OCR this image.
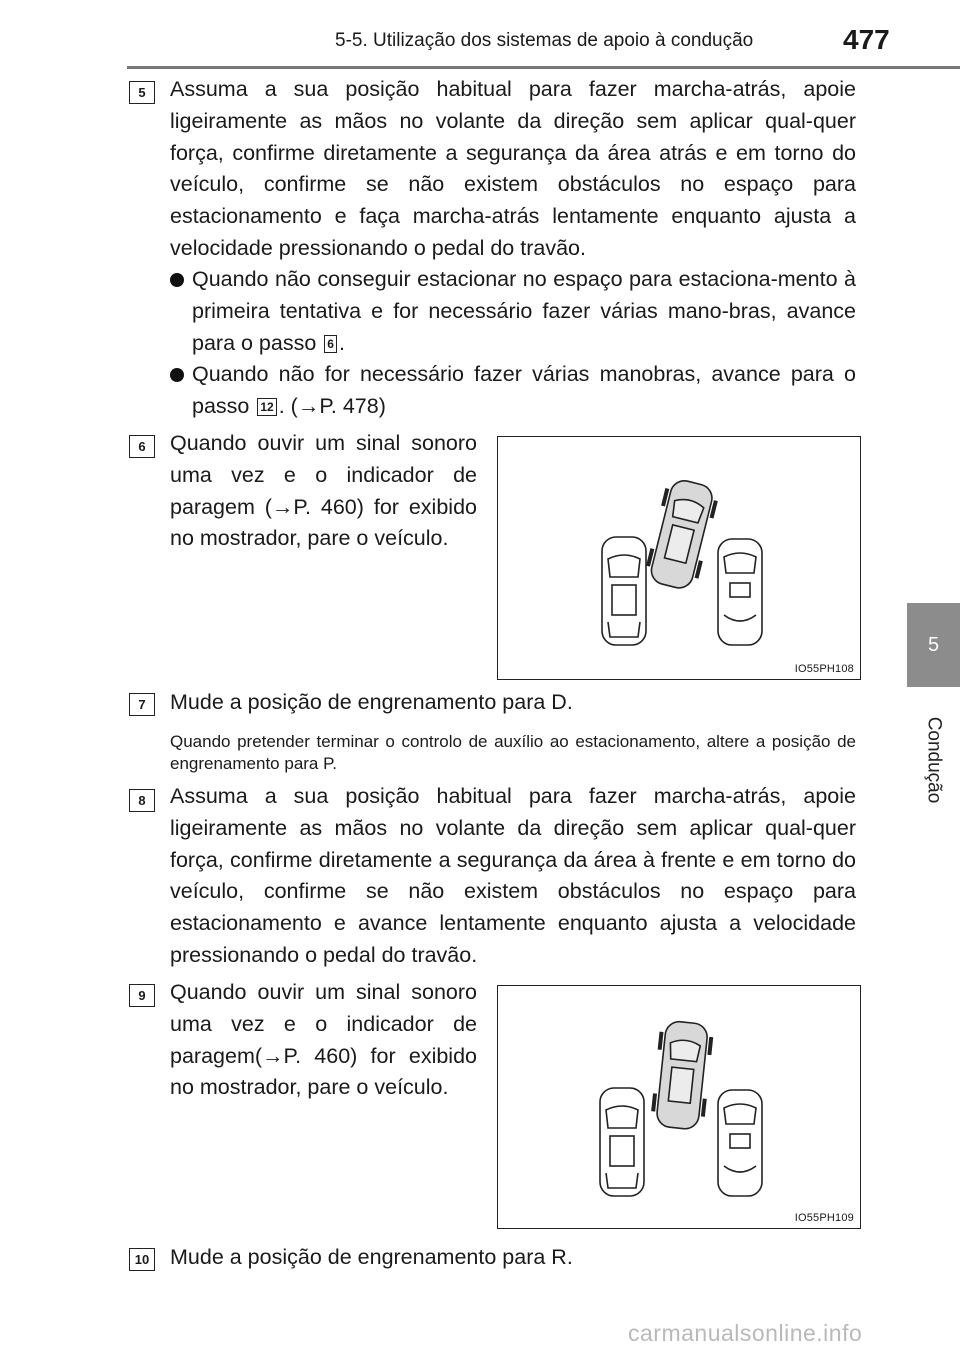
5-5. Utilização dos sistemas de apoio à condução	477
5
Condução
5	Assuma a sua posição habitual para fazer marcha-atrás, apoie ligeiramente as mãos no volante da direção sem aplicar qual-quer força, confirme diretamente a segurança da área atrás e em torno do veículo, confirme se não existem obstáculos no espaço para estacionamento e faça marcha-atrás lentamente enquanto ajusta a velocidade pressionando o pedal do travão.

Quando não conseguir estacionar no espaço para estaciona-mento à primeira tentativa e for necessário fazer várias mano-bras, avance para o passo 6 .
Quando não for necessário fazer várias manobras, avance para o passo 12 . (→P. 478)
6	Quando ouvir um sinal sonoro uma vez e o indicador de paragem (→P. 460) for exibido no mostrador, pare o veículo.

IO55PH108
7	Mude a posição de engrenamento para D.

Quando pretender terminar o controlo de auxílio ao estacionamento, altere a posição de engrenamento para P.
8	Assuma a sua posição habitual para fazer marcha-atrás, apoie ligeiramente as mãos no volante da direção sem aplicar qual-quer força, confirme diretamente a segurança da área à frente e em torno do veículo, confirme se não existem obstáculos no espaço para estacionamento e avance lentamente enquanto ajusta a velocidade pressionando o pedal do travão.

9	Quando ouvir um sinal sonoro uma vez e o indicador de paragem(→P. 460) for exibido no mostrador, pare o veículo.

IO55PH109
10 Mude a posição de engrenamento para R.

carmanualsonline.info
